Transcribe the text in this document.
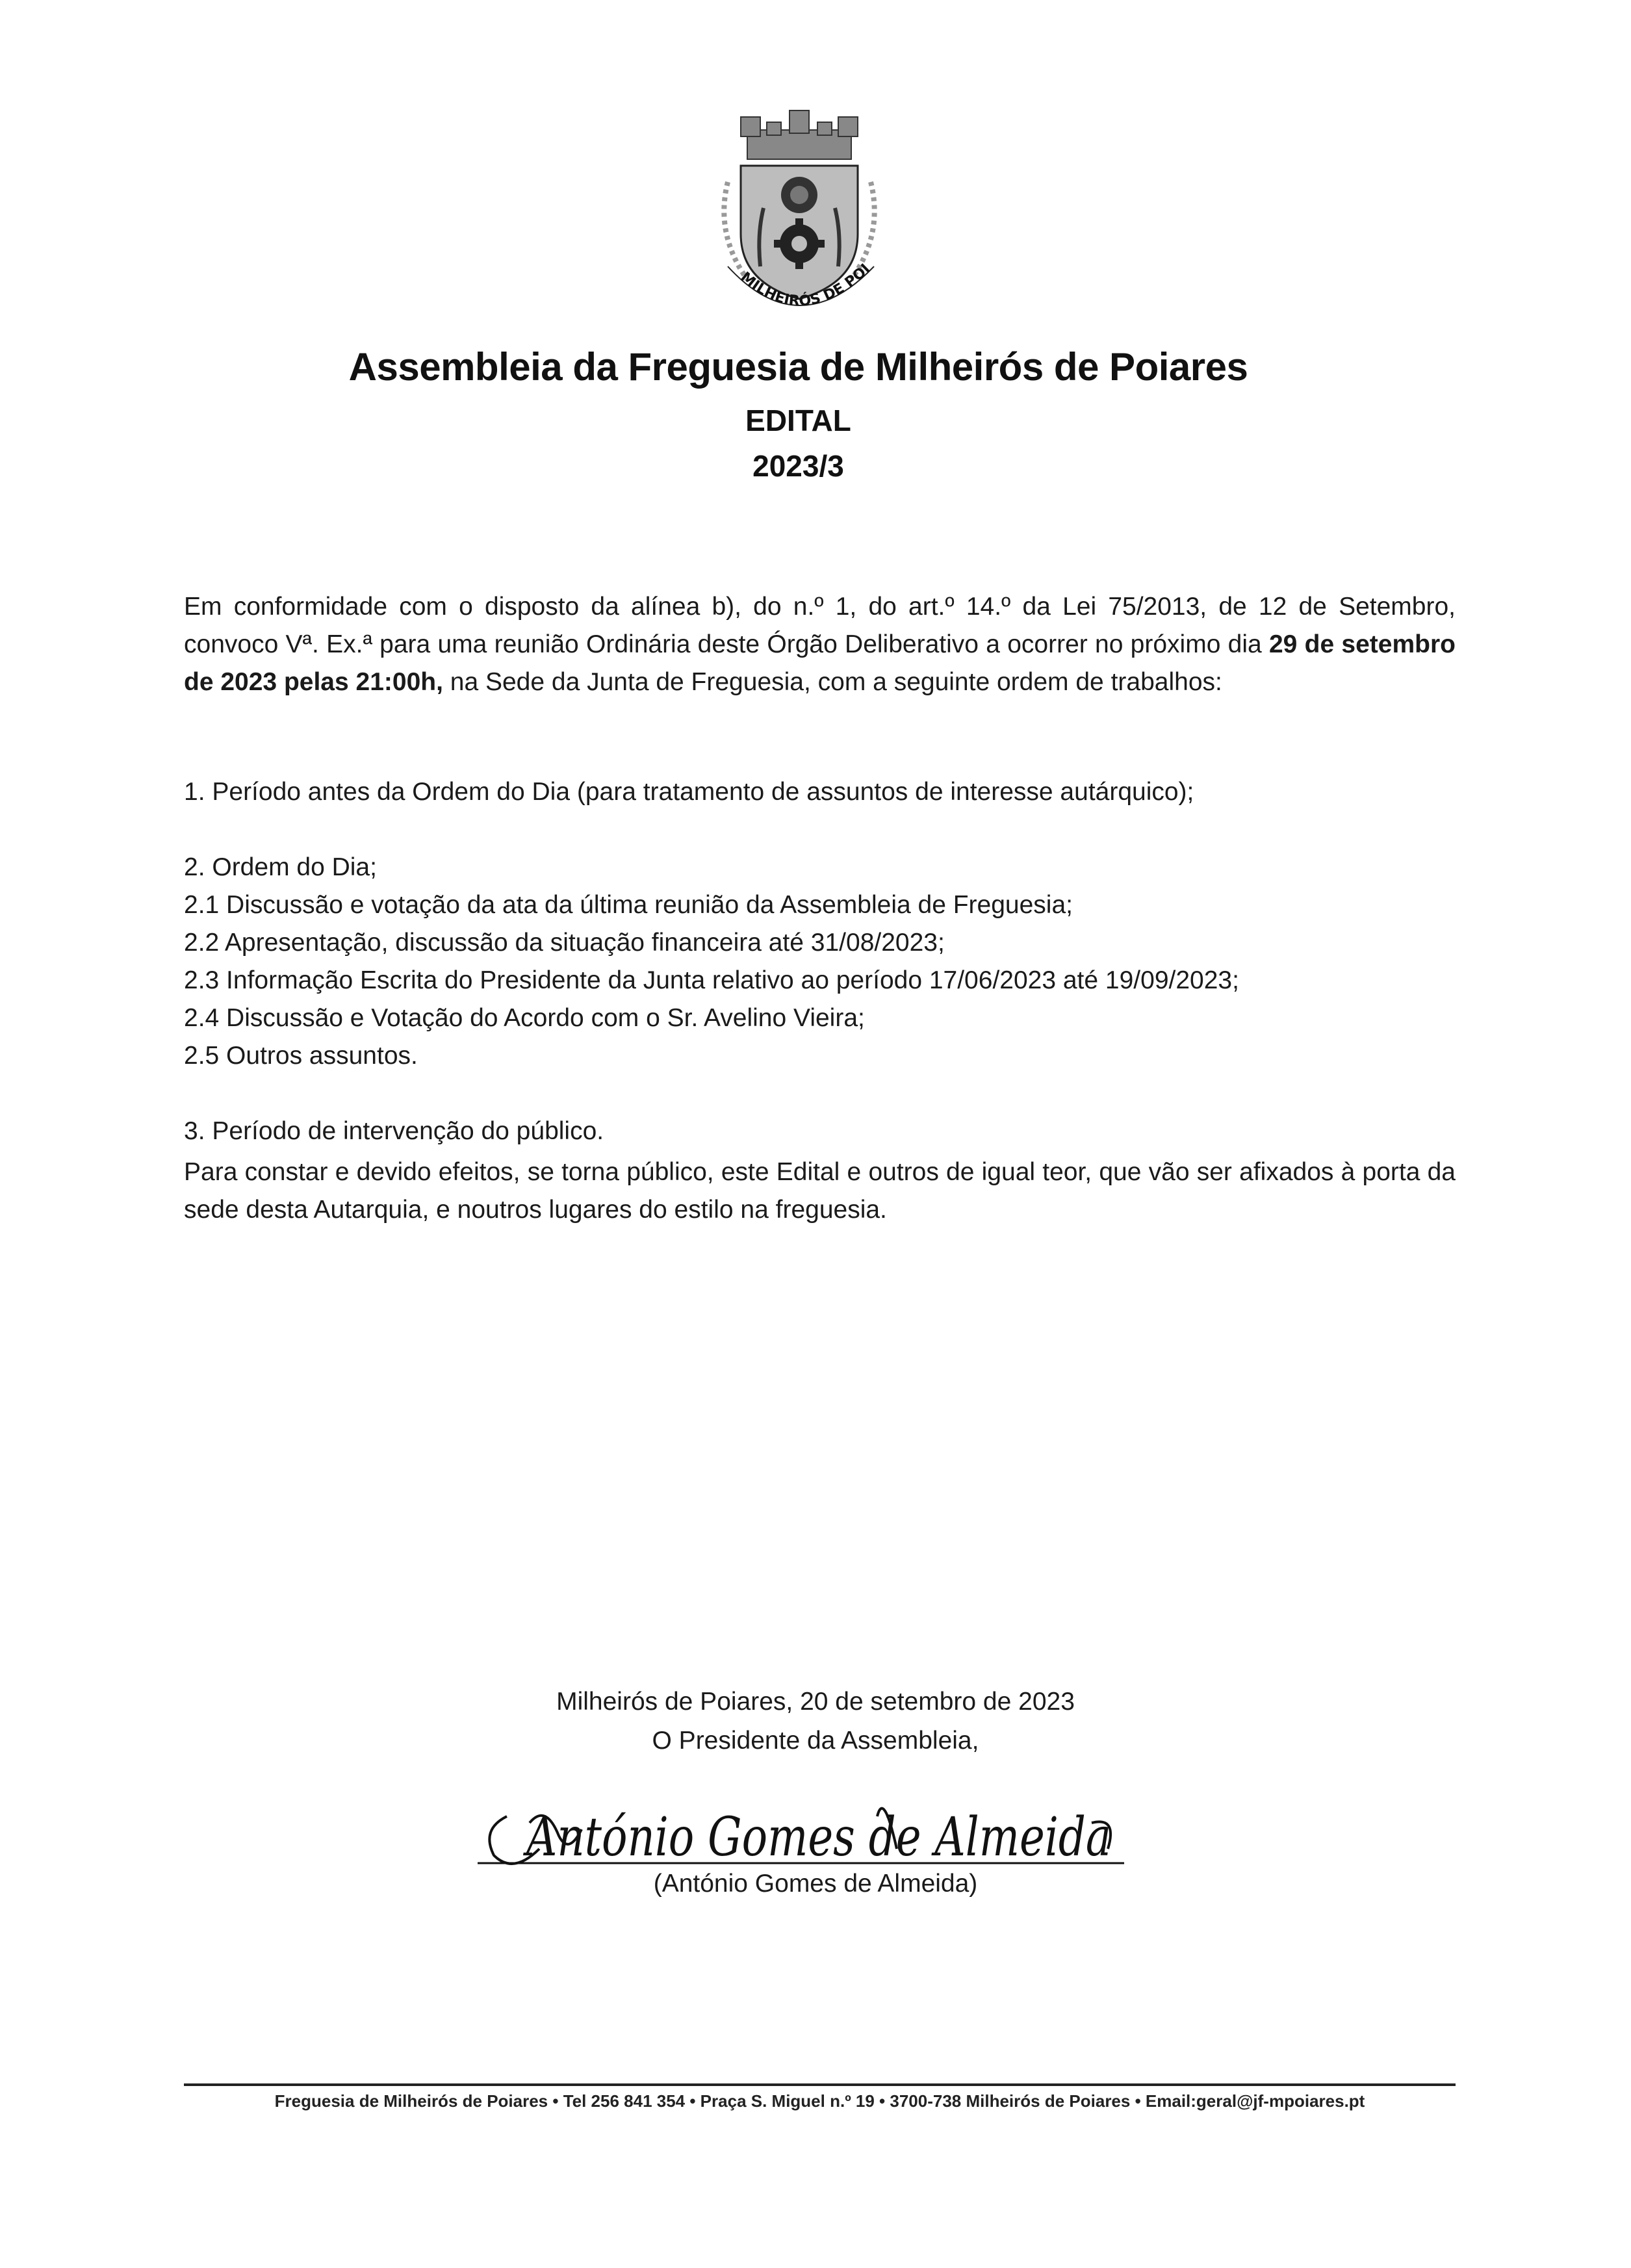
MILHEIRÓS DE POI
Assembleia da Freguesia de Milheirós de Poiares
EDITAL
2023/3
Em conformidade com o disposto da alínea b), do n.º 1, do art.º 14.º da Lei 75/2013, de 12 de Setembro, convoco Vª. Ex.ª para uma reunião Ordinária deste Órgão Deliberativo a ocorrer no próximo dia 29 de setembro de 2023 pelas 21:00h, na Sede da Junta de Freguesia, com a seguinte ordem de trabalhos:
1. Período antes da Ordem do Dia (para tratamento de assuntos de interesse autárquico);
2. Ordem do Dia;
2.1 Discussão e votação da ata da última reunião da Assembleia de Freguesia;
2.2 Apresentação, discussão da situação financeira até 31/08/2023;
2.3 Informação Escrita do Presidente da Junta relativo ao período 17/06/2023 até 19/09/2023;
2.4 Discussão e Votação do Acordo com o Sr. Avelino Vieira;
2.5 Outros assuntos.
3. Período de intervenção do público.
Para constar e devido efeitos, se torna público, este Edital e outros de igual teor, que vão ser afixados à porta da sede desta Autarquia, e noutros lugares do estilo na freguesia.
Milheirós de Poiares, 20 de setembro de 2023
O Presidente da Assembleia,
António Gomes de Almeida
(António Gomes de Almeida)
Freguesia de Milheirós de Poiares • Tel 256 841 354 • Praça S. Miguel n.º 19 • 3700-738 Milheirós de Poiares • Email:geral@jf-mpoiares.pt
